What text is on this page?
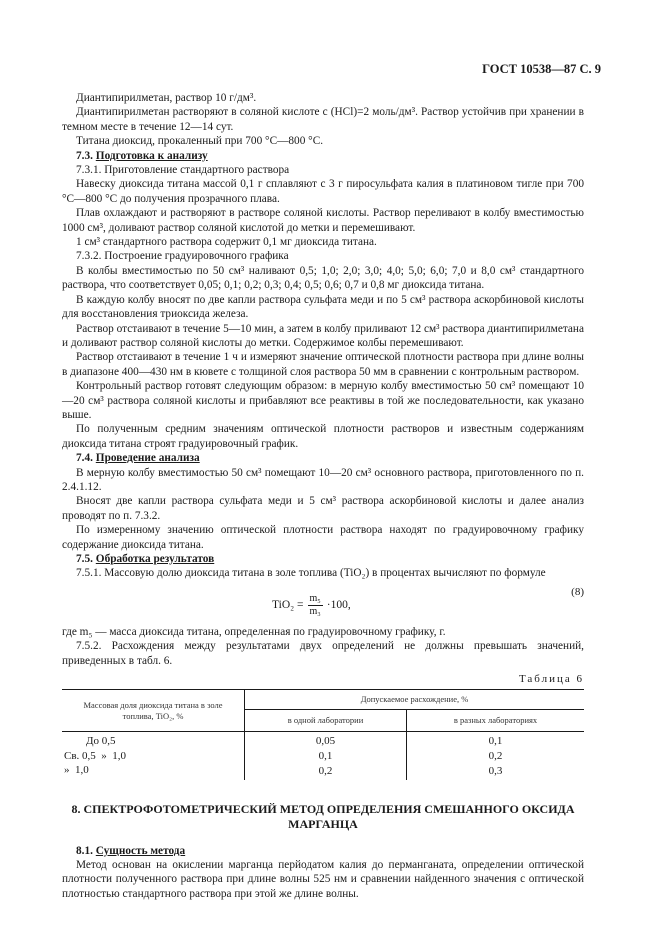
ГОСТ 10538—87 С. 9

Диантипирилметан, раствор 10 г/дм³.

Диантипирилметан растворяют в соляной кислоте c (HCl)=2 моль/дм³. Раствор устойчив при хранении в темном месте в течение 12—14 сут.

Титана диоксид, прокаленный при 700 °С—800 °С.

7.3. Подготовка к анализу

7.3.1. Приготовление стандартного раствора

Навеску диоксида титана массой 0,1 г сплавляют с 3 г пиросульфата калия в платиновом тигле при 700 °С—800 °С до получения прозрачного плава.

Плав охлаждают и растворяют в растворе соляной кислоты. Раствор переливают в колбу вместимостью 1000 см³, доливают раствор соляной кислотой до метки и перемешивают.

1 см³ стандартного раствора содержит 0,1 мг диоксида титана.

7.3.2. Построение градуировочного графика

В колбы вместимостью по 50 см³ наливают 0,5; 1,0; 2,0; 3,0; 4,0; 5,0; 6,0; 7,0 и 8,0 см³ стандартного раствора, что соответствует 0,05; 0,1; 0,2; 0,3; 0,4; 0,5; 0,6; 0,7 и 0,8 мг диоксида титана.

В каждую колбу вносят по две капли раствора сульфата меди и по 5 см³ раствора аскорбиновой кислоты для восстановления триоксида железа.

Раствор отстаивают в течение 5—10 мин, а затем в колбу приливают 12 см³ раствора диантипирилметана и доливают раствор соляной кислоты до метки. Содержимое колбы перемешивают.

Раствор отстаивают в течение 1 ч и измеряют значение оптической плотности раствора при длине волны в диапазоне 400—430 нм в кювете с толщиной слоя раствора 50 мм в сравнении с контрольным раствором.

Контрольный раствор готовят следующим образом: в мерную колбу вместимостью 50 см³ помещают 10—20 см³ раствора соляной кислоты и прибавляют все реактивы в той же последовательности, как указано выше.

По полученным средним значениям оптической плотности растворов и известным содержаниям диоксида титана строят градуировочный график.

7.4. Проведение анализа

В мерную колбу вместимостью 50 см³ помещают 10—20 см³ основного раствора, приготовленного по п. 2.4.1.12.

Вносят две капли раствора сульфата меди и 5 см³ раствора аскорбиновой кислоты и далее анализ проводят по п. 7.3.2.

По измеренному значению оптической плотности раствора находят по градуировочному графику содержание диоксида титана.

7.5. Обработка результатов

7.5.1. Массовую долю диоксида титана в золе топлива (TiO₂) в процентах вычисляют по формуле

$TiO_2 = \frac{\text{m₅}}{\text{m₃}} \cdot 100$,
(8)

где m₅ — масса диоксида титана, определенная по градуировочному графику, г.

7.5.2. Расхождения между результатами двух определений не должны превышать значений, приведенных в табл. 6.

Таблица 6
Массовая доля диоксида титана в золе топлива, TiO₂, %	Допускаемое расхождение, %	
	в одной лаборатории	в разных лабораториях
До 0,5	0,05	0,1
Св. 0,5  »  1,0	0,1	0,2
»  1,0	0,2	0,3
8. СПЕКТРОФОТОМЕТРИЧЕСКИЙ МЕТОД ОПРЕДЕЛЕНИЯ СМЕШАННОГО ОКСИДА МАРГАНЦА

8.1. Сущность метода

Метод основан на окислении марганца перйодатом калия до перманганата, определении оптической плотности полученного раствора при длине волны 525 нм и сравнении найденного значения с оптической плотностью стандартного раствора при этой же длине волны.
